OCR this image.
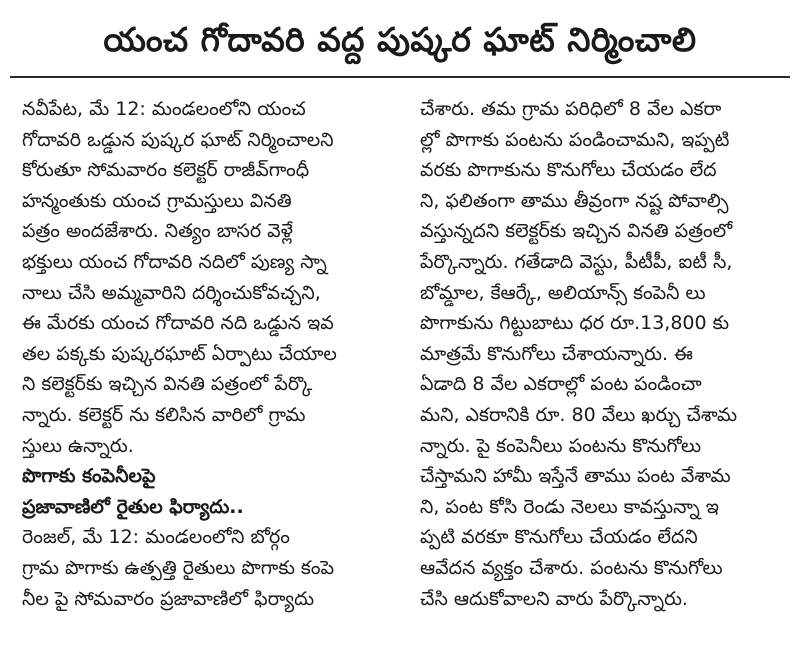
యంచ గోదావరి వద్ద పుష్కర ఘాట్ నిర్మించాలి
నవీపేట, మే 12: మండలంలోని యంచ
గోదావరి ఒడ్డున పుష్కర ఘాట్ నిర్మించాలని
కోరుతూ సోమవారం కలెక్టర్ రాజీవ్‌గాంధీ
హన్మంతుకు యంచ గ్రామస్తులు వినతి
పత్రం అందజేశారు. నిత్యం బాసర వెళ్లే
భక్తులు యంచ గోదావరి నదిలో పుణ్య స్నా
నాలు చేసి అమ్మవారిని దర్శించుకోవచ్చని,
ఈ మేరకు యంచ గోదావరి నది ఒడ్డున ఇవ
తల పక్కకు పుష్కరఘాట్ ఏర్పాటు చేయాల
ని కలెక్టర్‌కు ఇచ్చిన వినతి పత్రంలో పేర్కొ
న్నారు. కలెక్టర్ ను కలిసిన వారిలో గ్రామ
స్తులు ఉన్నారు.
పొగాకు కంపెనీలపై
ప్రజావాణిలో రైతుల ఫిర్యాదు..
రెంజల్, మే 12: మండలంలోని బోర్గం
గ్రామ పొగాకు ఉత్పత్తి రైతులు పొగాకు కంపె
నీల పై సోమవారం ప్రజావాణిలో ఫిర్యాదు
చేశారు. తమ గ్రామ పరిధిలో 8 వేల ఎకరా
ల్లో పొగాకు పంటను పండించామని, ఇప్పటి
వరకు పొగాకును కొనుగోలు చేయడం లేద
ని, ఫలితంగా తాము తీవ్రంగా నష్ట పోవాల్సి
వస్తున్నదని కలెక్టర్‌కు ఇచ్చిన వినతి పత్రంలో
పేర్కొన్నారు. గతేడాది వెస్టు, పీటీపీ, ఐటీ సీ,
బోమ్డాల, కేఆర్కే, అలియాన్స్ కంపెనీ లు
పొగాకును గిట్టుబాటు ధర రూ.13,800 కు
మాత్రమే కొనుగోలు చేశాయన్నారు. ఈ
ఏడాది 8 వేల ఎకరాల్లో పంట పండించా
మని, ఎకరానికి రూ. 80 వేలు ఖర్చు చేశామ
న్నారు. పై కంపెనీలు పంటను కొనుగోలు
చేస్తామని హామీ ఇస్తేనే తాము పంట వేశామ
ని, పంట కోసి రెండు నెలలు కావస్తున్నా ఇ
ప్పటి వరకూ కొనుగోలు చేయడం లేదని
ఆవేదన వ్యక్తం చేశారు. పంటను కొనుగోలు
చేసి ఆదుకోవాలని వారు పేర్కొన్నారు.
